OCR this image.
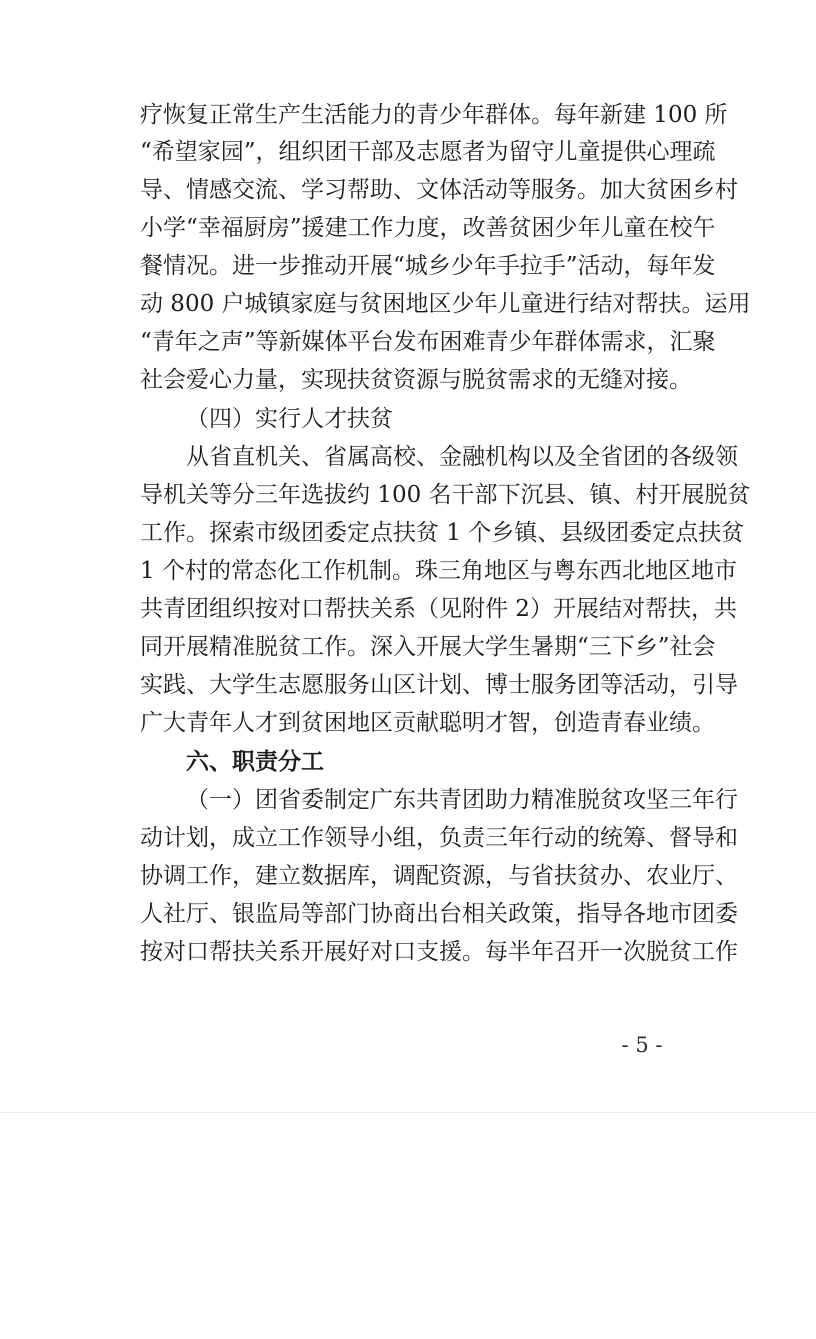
疗恢复正常生产生活能力的青少年群体。每年新建 100 所
“希望家园”，组织团干部及志愿者为留守儿童提供心理疏
导、情感交流、学习帮助、文体活动等服务。加大贫困乡村
小学“幸福厨房”援建工作力度，改善贫困少年儿童在校午
餐情况。进一步推动开展“城乡少年手拉手”活动，每年发
动 800 户城镇家庭与贫困地区少年儿童进行结对帮扶。运用
“青年之声”等新媒体平台发布困难青少年群体需求，汇聚
社会爱心力量，实现扶贫资源与脱贫需求的无缝对接。
（四）实行人才扶贫
从省直机关、省属高校、金融机构以及全省团的各级领
导机关等分三年选拔约 100 名干部下沉县、镇、村开展脱贫
工作。探索市级团委定点扶贫 1 个乡镇、县级团委定点扶贫
1 个村的常态化工作机制。珠三角地区与粤东西北地区地市
共青团组织按对口帮扶关系（见附件 2）开展结对帮扶，共
同开展精准脱贫工作。深入开展大学生暑期“三下乡”社会
实践、大学生志愿服务山区计划、博士服务团等活动，引导
广大青年人才到贫困地区贡献聪明才智，创造青春业绩。
六、职责分工
（一）团省委制定广东共青团助力精准脱贫攻坚三年行
动计划，成立工作领导小组，负责三年行动的统筹、督导和
协调工作，建立数据库，调配资源，与省扶贫办、农业厅、
人社厅、银监局等部门协商出台相关政策，指导各地市团委
按对口帮扶关系开展好对口支援。每半年召开一次脱贫工作
- 5 -
